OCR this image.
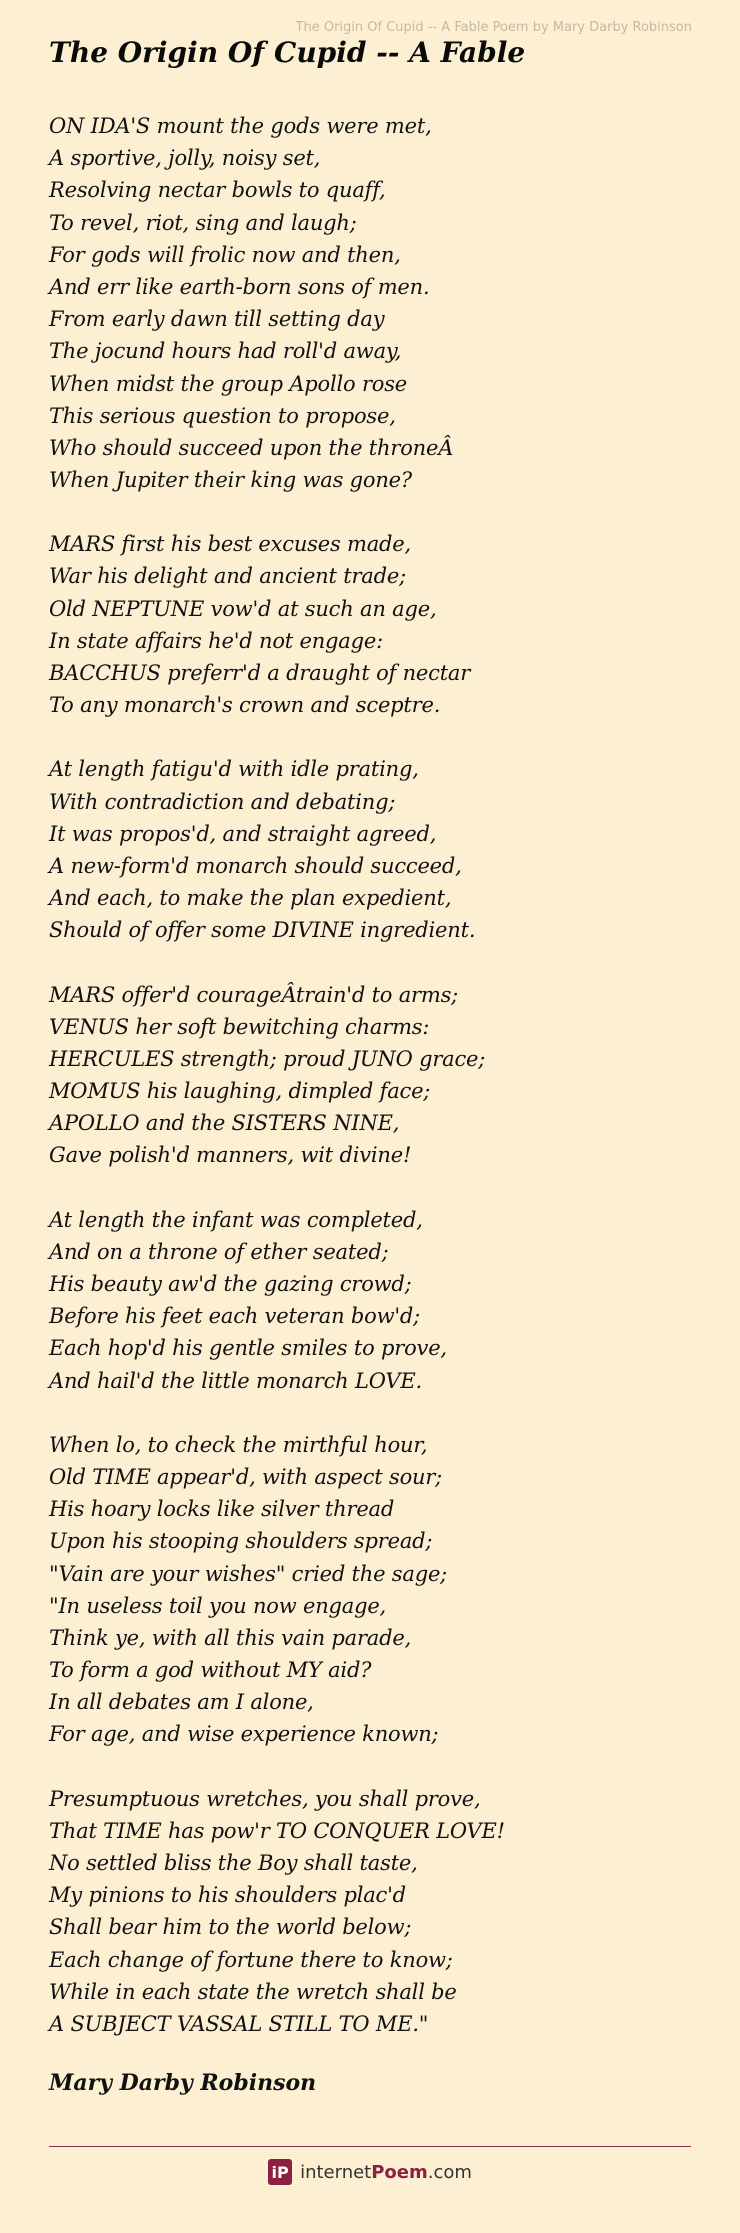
The Origin Of Cupid -- A Fable Poem by Mary Darby Robinson

The Origin Of Cupid -- A Fable
ON IDA'S mount the gods were met,
A sportive, jolly, noisy set,
Resolving nectar bowls to quaff,
To revel, riot, sing and laugh;
For gods will frolic now and then,
And err like earth-born sons of men.
From early dawn till setting day
The jocund hours had roll'd away,
When midst the group Apollo rose
This serious question to propose,
Who should succeed upon the throneÂ
When Jupiter their king was gone?
MARS first his best excuses made,
War his delight and ancient trade;
Old NEPTUNE vow'd at such an age,
In state affairs he'd not engage:
BACCHUS preferr'd a draught of nectar
To any monarch's crown and sceptre.
At length fatigu'd with idle prating,
With contradiction and debating;
It was propos'd, and straight agreed,
A new-form'd monarch should succeed,
And each, to make the plan expedient,
Should of offer some DIVINE ingredient.
MARS offer'd courageÂtrain'd to arms;
VENUS her soft bewitching charms:
HERCULES strength; proud JUNO grace;
MOMUS his laughing, dimpled face;
APOLLO and the SISTERS NINE,
Gave polish'd manners, wit divine!
At length the infant was completed,
And on a throne of ether seated;
His beauty aw'd the gazing crowd;
Before his feet each veteran bow'd;
Each hop'd his gentle smiles to prove,
And hail'd the little monarch LOVE.
When lo, to check the mirthful hour,
Old TIME appear'd, with aspect sour;
His hoary locks like silver thread
Upon his stooping shoulders spread;
"Vain are your wishes" cried the sage;
"In useless toil you now engage,
Think ye, with all this vain parade,
To form a god without MY aid?
In all debates am I alone,
For age, and wise experience known;
Presumptuous wretches, you shall prove,
That TIME has pow'r TO CONQUER LOVE!
No settled bliss the Boy shall taste,
My pinions to his shoulders plac'd
Shall bear him to the world below;
Each change of fortune there to know;
While in each state the wretch shall be
A SUBJECT VASSAL STILL TO ME."

Mary Darby Robinson

iP internetPoem.com
